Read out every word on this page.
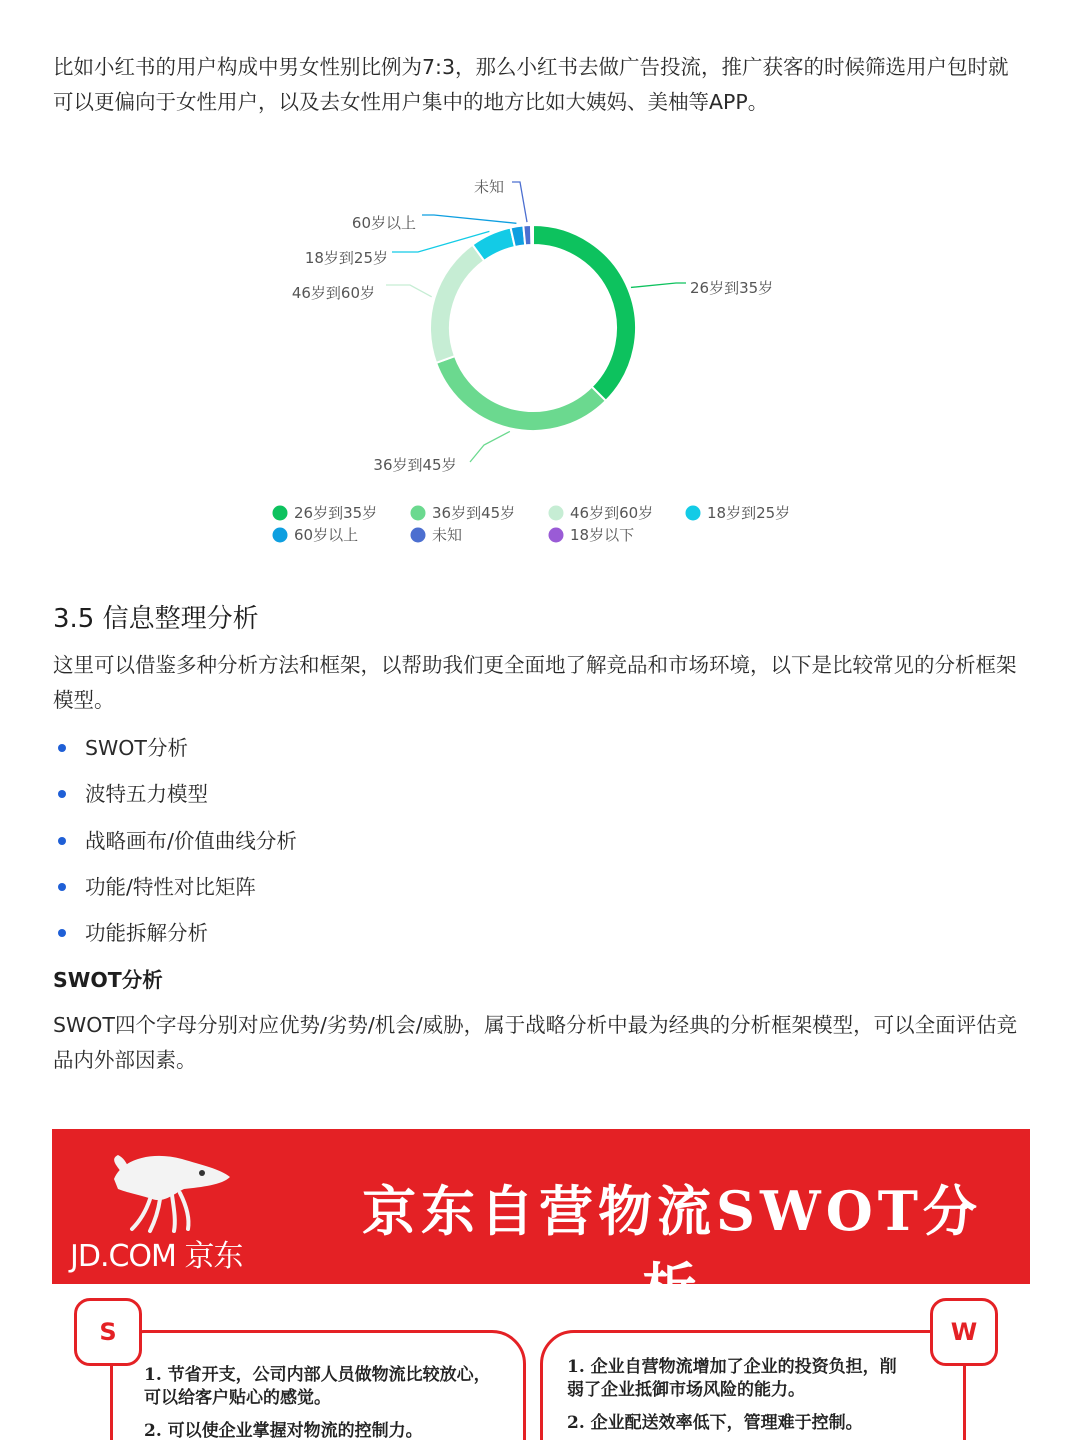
比如小红书的用户构成中男女性别比例为7:3，那么小红书去做广告投流，推广获客的时候筛选用户包时就可以更偏向于女性用户，以及去女性用户集中的地方比如大姨妈、美柚等APP。

26岁到35岁
36岁到45岁
46岁到60岁
18岁到25岁
60岁以上
未知
26岁到35岁	36岁到45岁	46岁到60岁	18岁到25岁
60岁以上	未知	18岁以下
3.5 信息整理分析

这里可以借鉴多种分析方法和框架，以帮助我们更全面地了解竞品和市场环境，以下是比较常见的分析框架模型。

SWOT分析
波特五力模型
战略画布/价值曲线分析
功能/特性对比矩阵
功能拆解分析
SWOT分析

SWOT四个字母分别对应优势/劣势/机会/威胁，属于战略分析中最为经典的分析框架模型，可以全面评估竞品内外部因素。

JD.COM 京东
京东自营物流SWOT分
S	W
1. 节省开支，公司内部人员做物流比较放心，
可以给客户贴心的感觉。
2. 可以使企业掌握对物流的控制力。
1. 企业自营物流增加了企业的投资负担，削
弱了企业抵御市场风险的能力。
2. 企业配送效率低下，管理难于控制。
